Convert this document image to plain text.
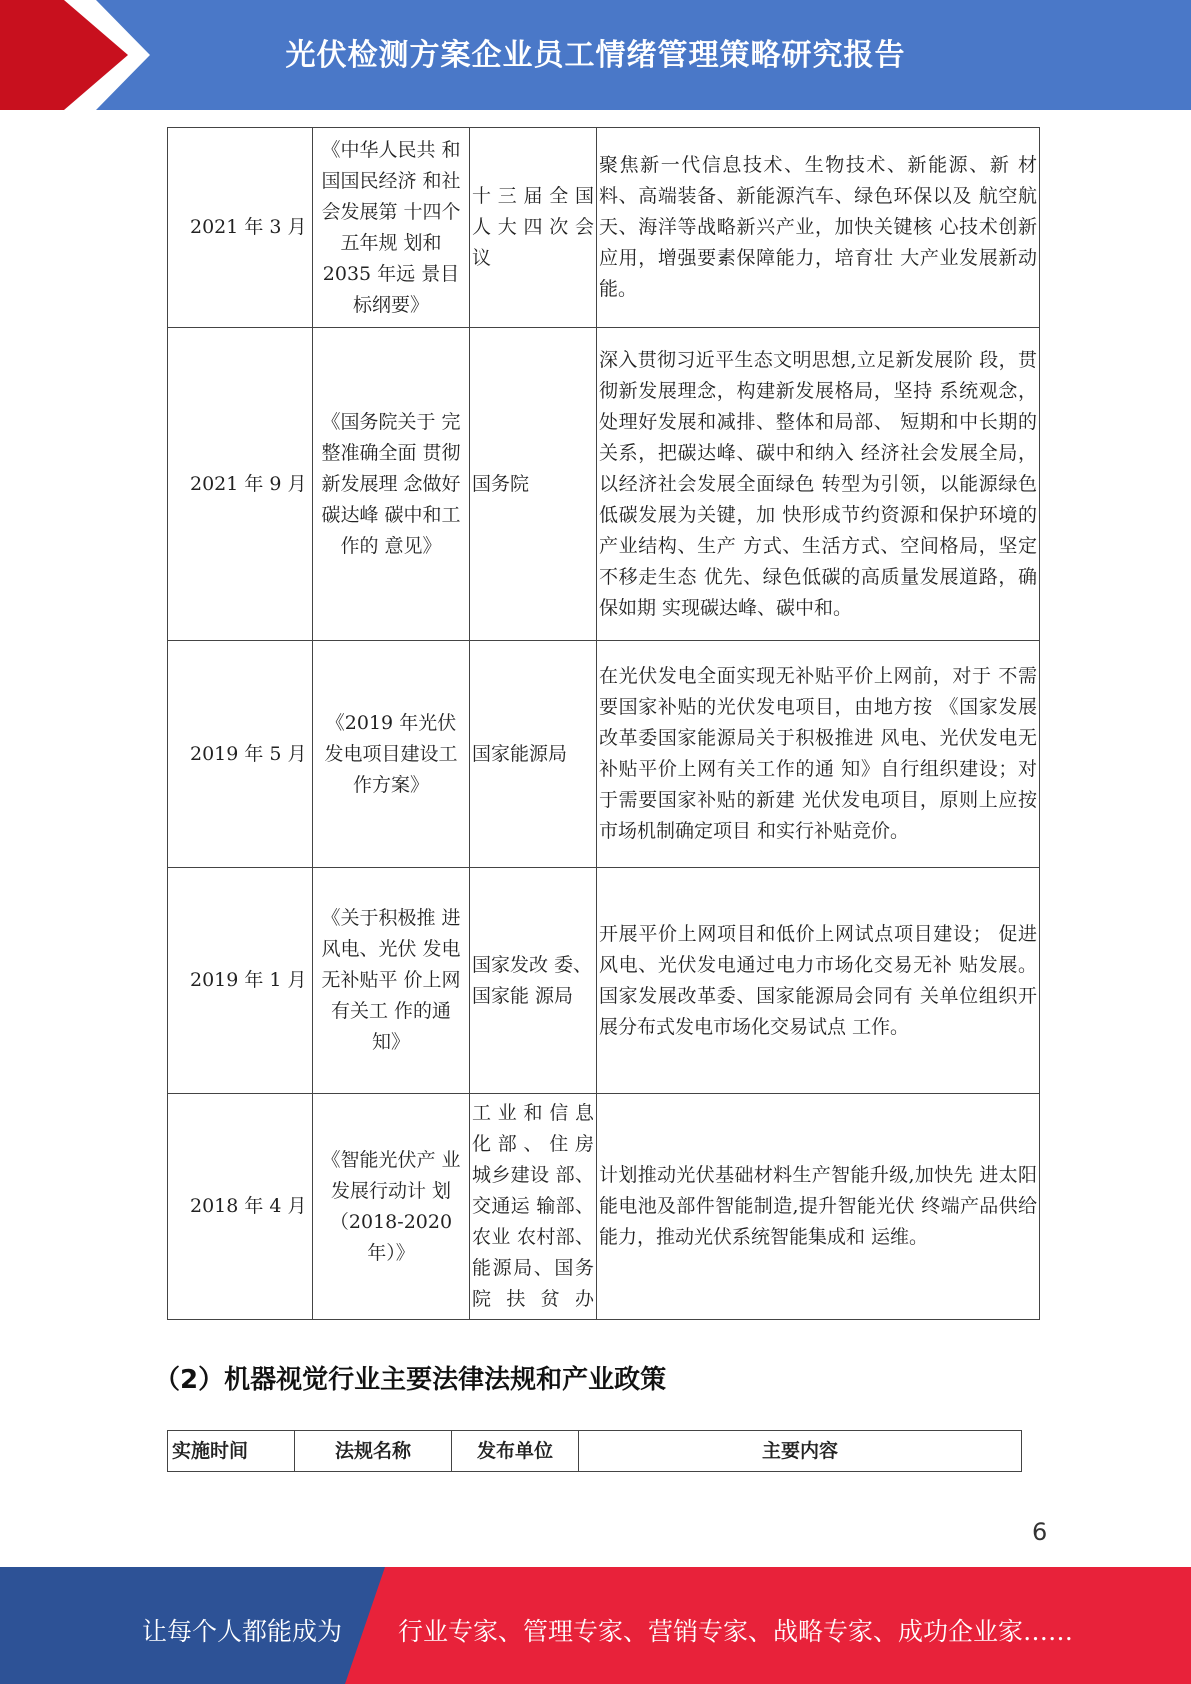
光伏检测方案企业员工情绪管理策略研究报告
2021 年 3 月	《中华人民共 和国国民经济 和社会发展第 十四个五年规 划和 2035 年远 景目标纲要》	十 三 届 全 国 人 大 四 次 会 议	聚焦新一代信息技术、生物技术、新能源、新 材料、高端装备、新能源汽车、绿色环保以及 航空航天、海洋等战略新兴产业，加快关键核 心技术创新应用，增强要素保障能力，培育壮 大产业发展新动能。
2021 年 9 月	《国务院关于 完整准确全面 贯彻新发展理 念做好碳达峰 碳中和工作的 意见》	国务院	深入贯彻习近平生态文明思想,立足新发展阶 段，贯彻新发展理念，构建新发展格局，坚持 系统观念，处理好发展和减排、整体和局部、 短期和中长期的关系，把碳达峰、碳中和纳入 经济社会发展全局，以经济社会发展全面绿色 转型为引领，以能源绿色低碳发展为关键，加 快形成节约资源和保护环境的产业结构、生产 方式、生活方式、空间格局，坚定不移走生态 优先、绿色低碳的高质量发展道路，确保如期 实现碳达峰、碳中和。
2019 年 5 月	《2019 年光伏发电项目建设工作方案》	国家能源局	在光伏发电全面实现无补贴平价上网前，对于 不需要国家补贴的光伏发电项目，由地方按 《国家发展改革委国家能源局关于积极推进 风电、光伏发电无补贴平价上网有关工作的通 知》自行组织建设；对于需要国家补贴的新建 光伏发电项目，原则上应按市场机制确定项目 和实行补贴竞价。
2019 年 1 月	《关于积极推 进风电、光伏 发电无补贴平 价上网有关工 作的通知》	国家发改 委、国家能 源局	开展平价上网项目和低价上网试点项目建设； 促进风电、光伏发电通过电力市场化交易无补 贴发展。国家发展改革委、国家能源局会同有 关单位组织开展分布式发电市场化交易试点 工作。
2018 年 4 月	《智能光伏产 业发展行动计 划（2018-2020 年）》	工 业 和 信 息 化 部 、 住 房 城乡建设 部、交通运 输部、农业 农村部、能源局、国务院扶贫办	计划推动光伏基础材料生产智能升级,加快先 进太阳能电池及部件智能制造,提升智能光伏 终端产品供给能力，推动光伏系统智能集成和 运维。
（2）机器视觉行业主要法律法规和产业政策
实施时间	法规名称	发布单位	主要内容
6
让每个人都能成为 行业专家、管理专家、营销专家、战略专家、成功企业家……
